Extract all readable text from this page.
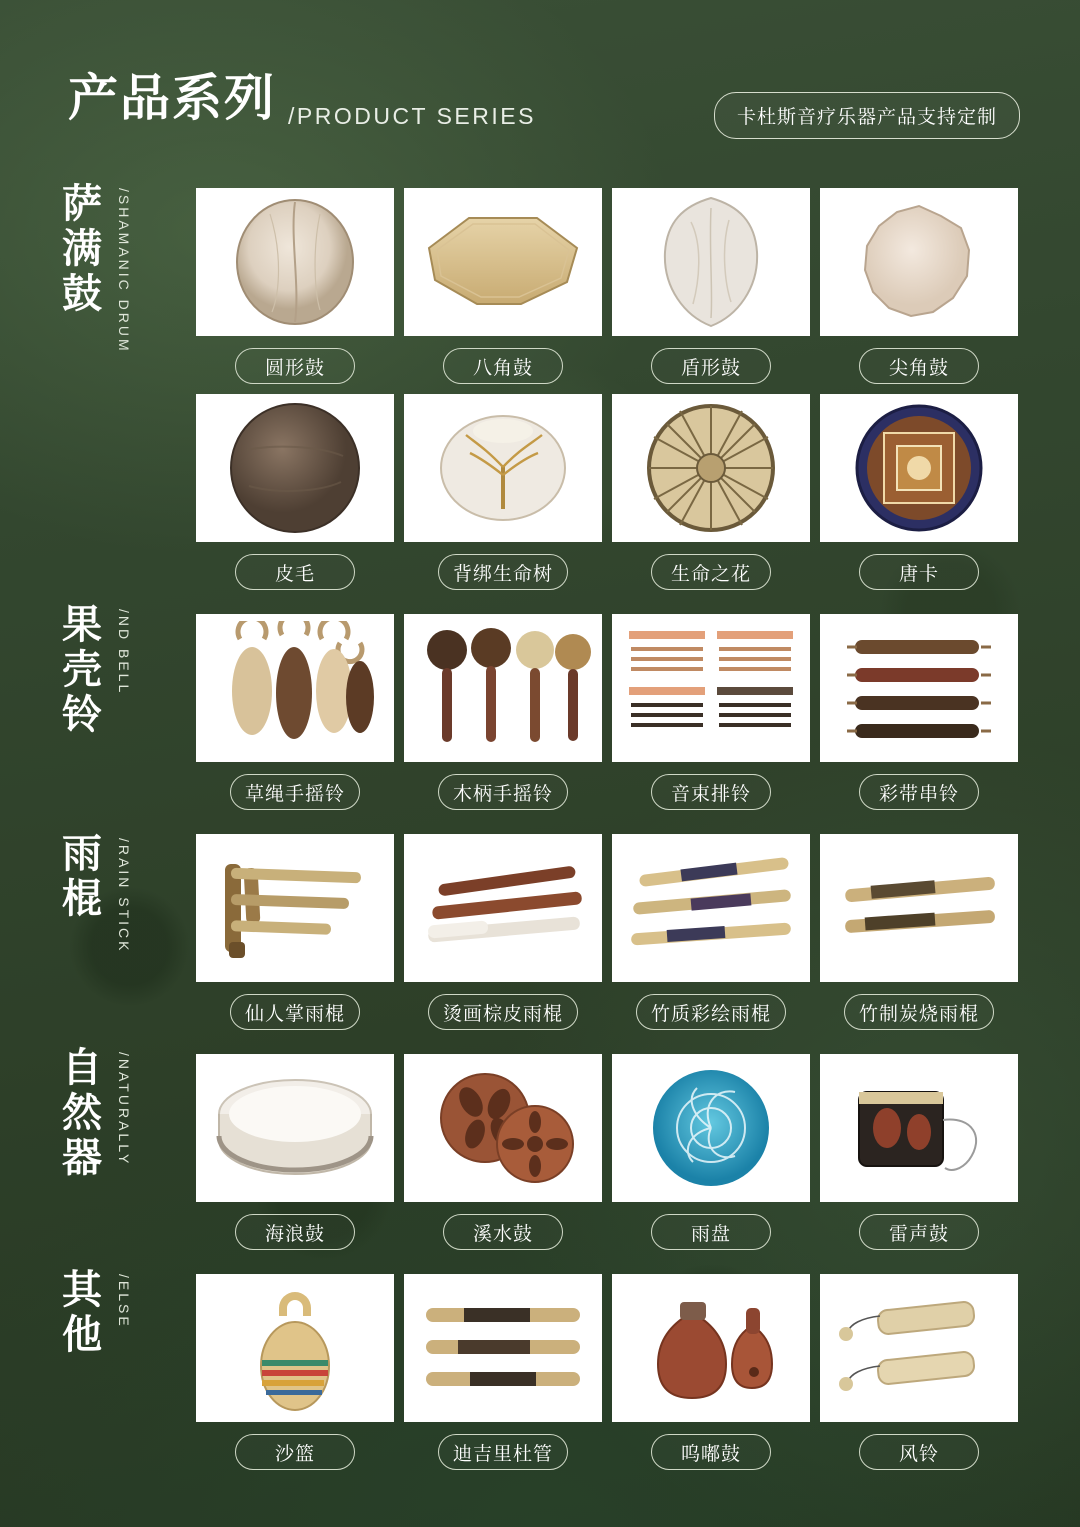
产品系列 /PRODUCT SERIES	卡杜斯音疗乐器产品支持定制
萨满鼓	/SHAMANIC DRUM
果壳铃
/ND BELL
雨棍	/RAIN STICK
自然器	/NATURALLY
其他
/ELSE
圆形鼓	八角鼓	盾形鼓	尖角鼓
皮毛	背绑生命树	生命之花	唐卡
草绳手摇铃	木柄手摇铃	音束排铃	彩带串铃
仙人掌雨棍	烫画棕皮雨棍	竹质彩绘雨棍	竹制炭烧雨棍
海浪鼓	溪水鼓	雨盘	雷声鼓
沙篮	迪吉里杜管	呜嘟鼓	风铃
